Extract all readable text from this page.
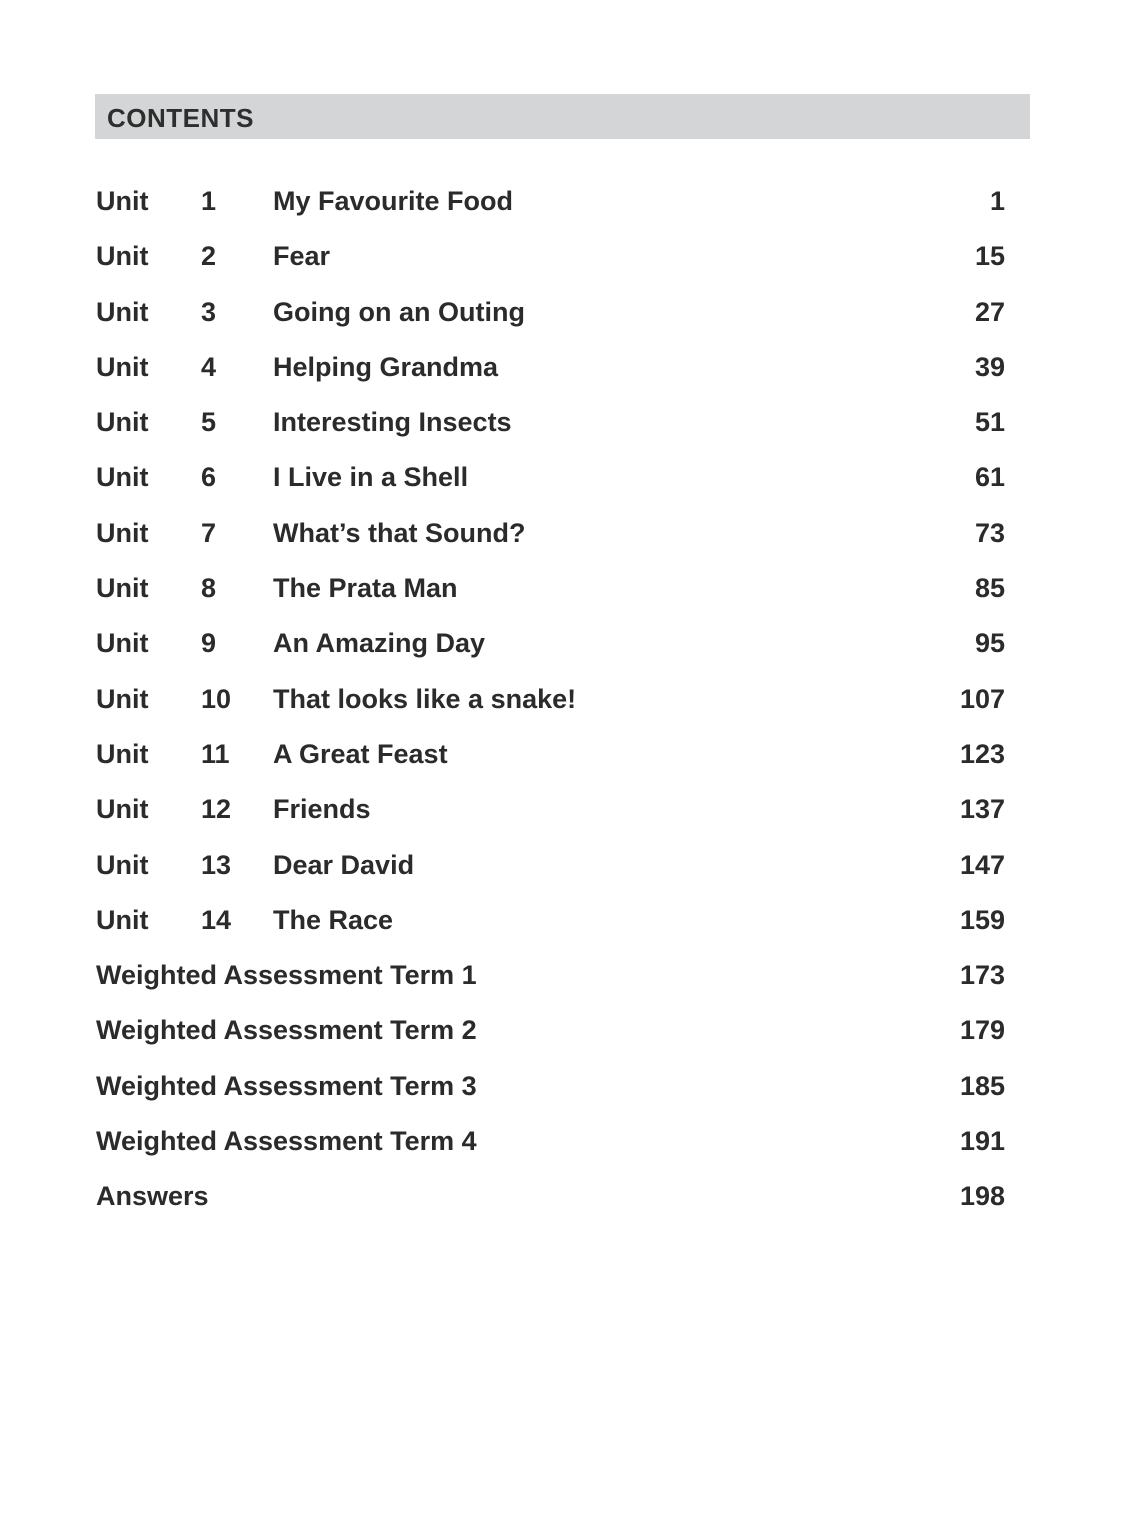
CONTENTS
Unit 1 My Favourite Food	1
Unit 2 Fear	15
Unit 3 Going on an Outing	27
Unit 4 Helping Grandma	39
Unit 5 Interesting Insects	51
Unit 6 I Live in a Shell	61
Unit 7 What’s that Sound?	73
Unit 8 The Prata Man	85
Unit 9 An Amazing Day	95
Unit 10 That looks like a snake!	107
Unit 11 A Great Feast	123
Unit 12 Friends	137
Unit 13 Dear David	147
Unit 14 The Race	159
Weighted Assessment Term 1	173
Weighted Assessment Term 2	179
Weighted Assessment Term 3	185
Weighted Assessment Term 4	191
Answers	198
